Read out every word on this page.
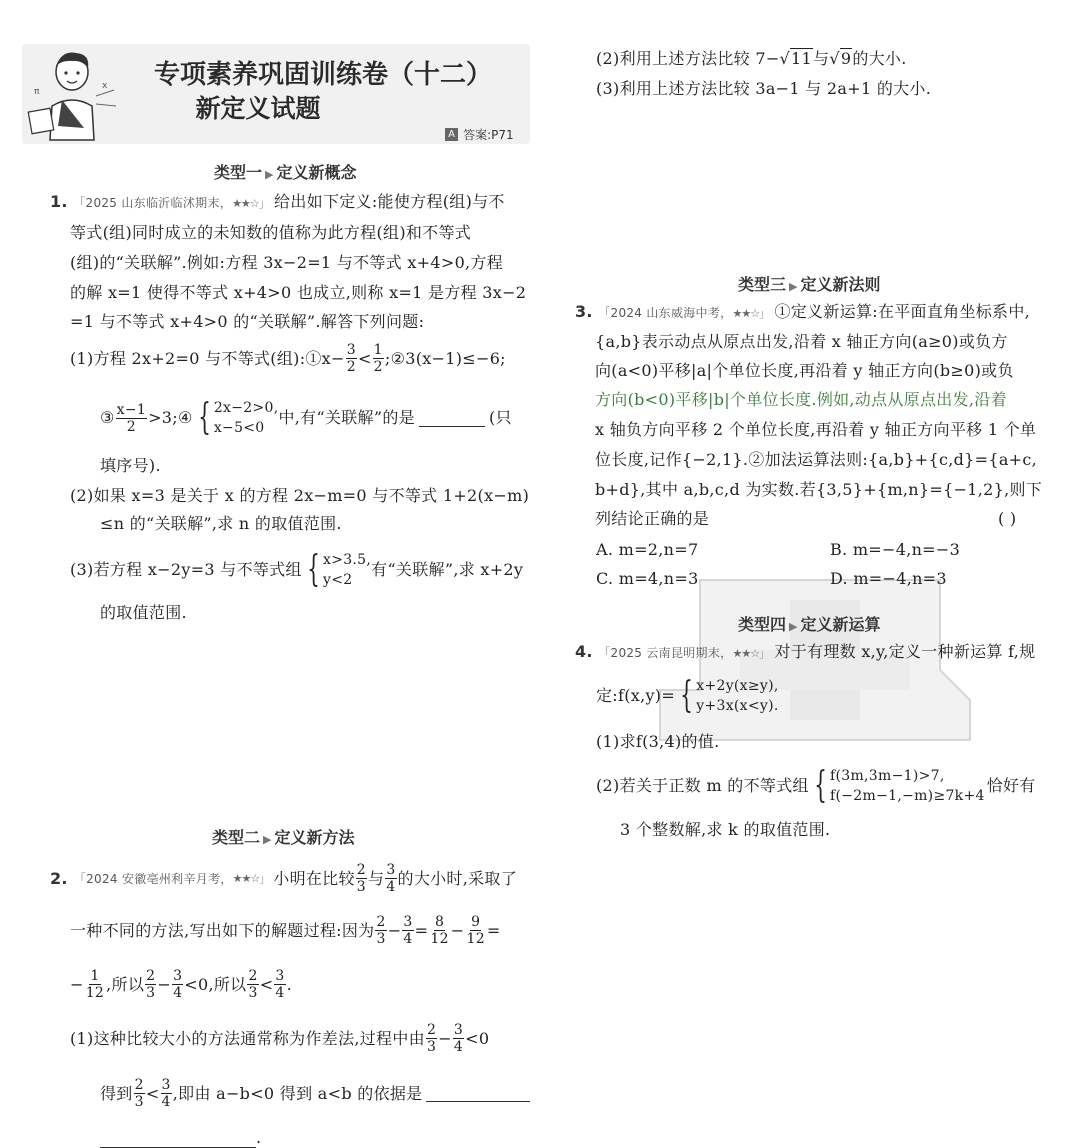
x
π
专项素养巩固训练卷（十二）
新定义试题
A 答案:P71
类型一 ▶ 定义新概念
1. 「2025 山东临沂临沭期末，★★☆」 给出如下定义:能使方程(组)与不
等式(组)同时成立的未知数的值称为此方程(组)和不等式
(组)的“关联解”.例如:方程 3x−2=1 与不等式 x+4>0,方程
的解 x=1 使得不等式 x+4>0 也成立,则称 x=1 是方程 3x−2
=1 与不等式 x+4>0 的“关联解”.解答下列问题:
(1)方程 2x+2=0 与不等式(组):①x− $\frac{3}{2} < \frac{1}{2}$ ;②3(x−1)≤−6;
③ $\frac{x-1}{2}$ >3;④ { 2x−2>0,
x−5<0
中,有“关联解”的是	(只
填序号).
(2)如果 x=3 是关于 x 的方程 2x−m=0 与不等式 1+2(x−m)
≤n 的“关联解”,求 n 的取值范围.
(3)若方程 x−2y=3 与不等式组 { x>3.5,
y<2
有“关联解”,求 x+2y
的取值范围.
类型二 ▶ 定义新方法
2. 「2024 安徽亳州利辛月考， ★★☆」 小明在比较 $\frac{2}{3}$ 与 $\frac{3}{4}$ 的大小时,采取了
一种不同的方法,写出如下的解题过程:因为 $\frac{2}{3} - \frac{3}{4} = \frac{8}{12} - \frac{9}{12}$ =
− $\frac{1}{12}$ ,所以 $\frac{2}{3} - \frac{3}{4} <0$,所以 $\frac{2}{3} < \frac{3}{4}$ .
(1)这种比较大小的方法通常称为作差法,过程中由 $\frac{2}{3} - \frac{3}{4} <0$
得到 $\frac{2}{3} < \frac{3}{4}$ ,即由 a−b<0 得到 a<b 的依据是
.
(2)利用上述方法比较 7− √ 11 与 √ 9 的大小.
(3)利用上述方法比较 3a−1 与 2a+1 的大小.
类型三 ▶ 定义新法则
3. 「2024 山东威海中考，★★☆」 ①定义新运算:在平面直角坐标系中,
{a,b}表示动点从原点出发,沿着 x 轴正方向(a≥0)或负方
向(a<0)平移|a|个单位长度,再沿着 y 轴正方向(b≥0)或负
方向(b<0)平移|b|个单位长度.例如,动点从原点出发,沿着
x 轴负方向平移 2 个单位长度,再沿着 y 轴正方向平移 1 个单
位长度,记作{−2,1}.②加法运算法则:{a,b}+{c,d}={a+c,
b+d},其中 a,b,c,d 为实数.若{3,5}+{m,n}={−1,2},则下
列结论正确的是	( )
A. m=2,n=7	B. m=−4,n=−3
C. m=4,n=3	D. m=−4,n=3
类型四 ▶ 定义新运算
4. 「2025 云南昆明期末，★★☆」 对于有理数 x,y,定义一种新运算 f,规
定:f(x,y)= { x+2y(x≥y),
y+3x(x<y).
(1)求f(3,4)的值.
(2)若关于正数 m 的不等式组 { f(3m,3m−1)>7,
f(−2m−1,−m)≥7k+4
恰好有
3 个整数解,求 k 的取值范围.
